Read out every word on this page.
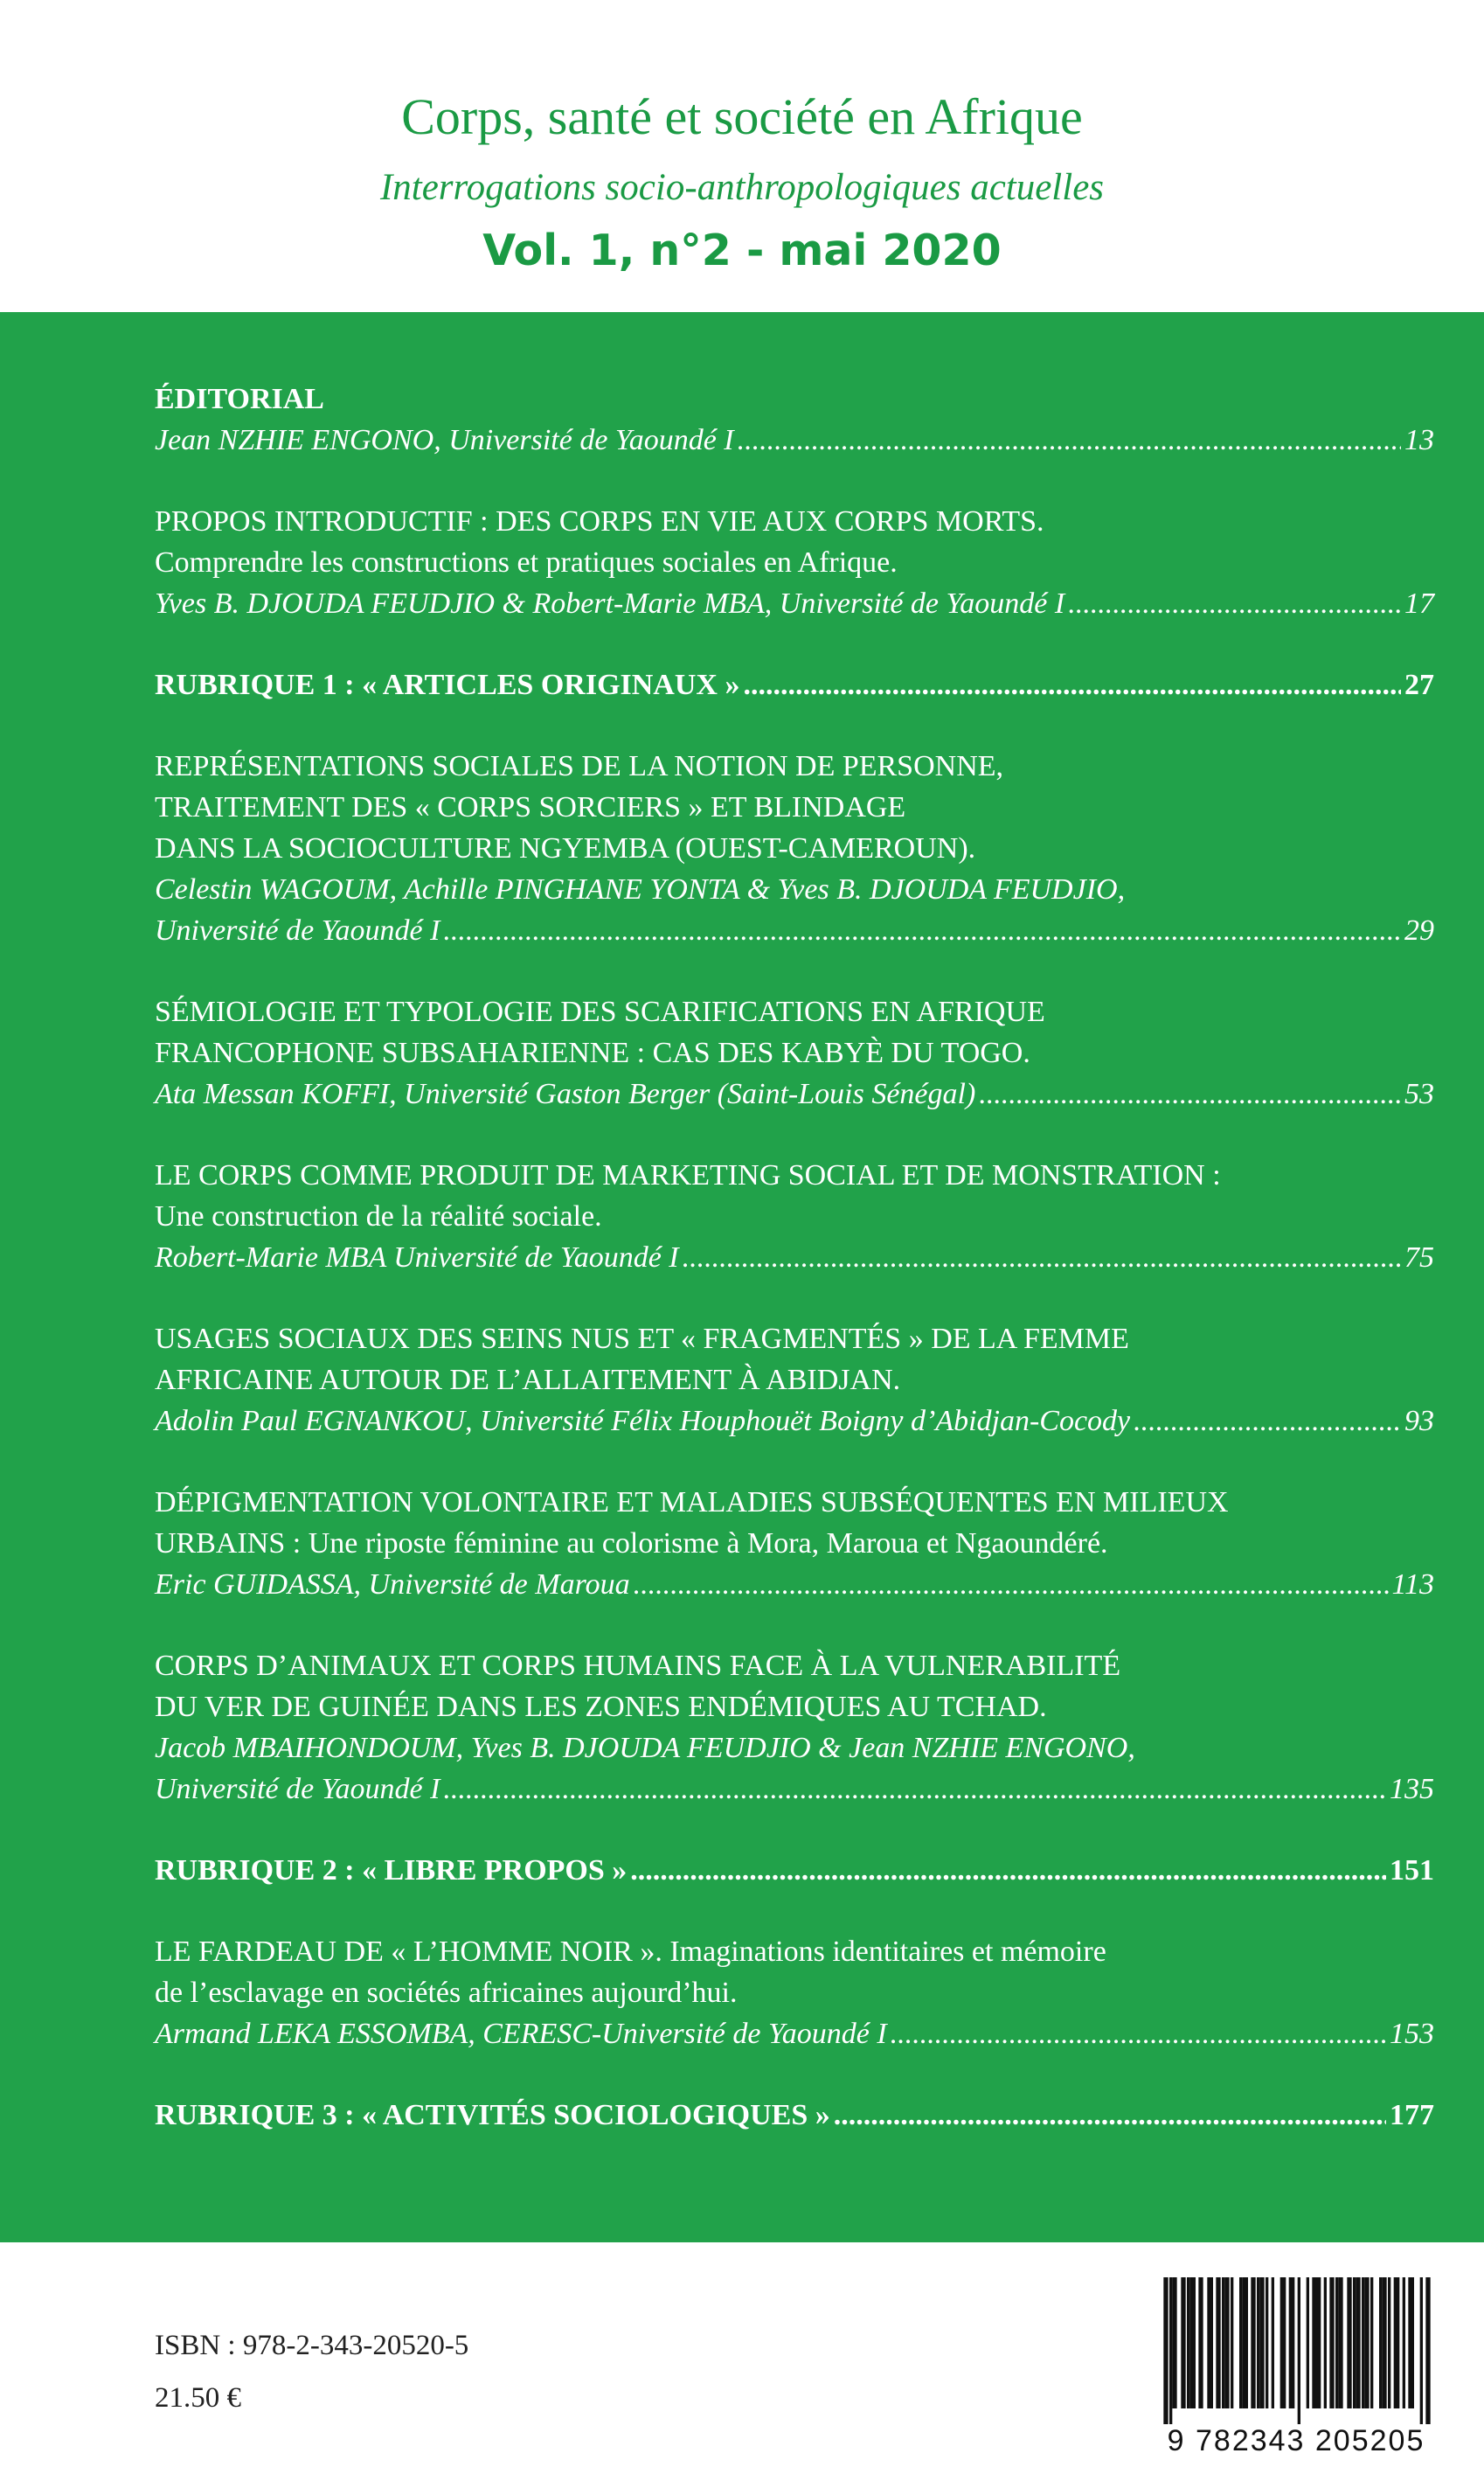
Corps, santé et société en Afrique
Interrogations socio-anthropologiques actuelles
Vol. 1, n°2 - mai 2020
ÉDITORIAL
Jean NZHIE ENGONO, Université de Yaoundé I .....	13
PROPOS INTRODUCTIF : DES CORPS EN VIE AUX CORPS MORTS.
Comprendre les constructions et pratiques sociales en Afrique.
Yves B. DJOUDA FEUDJIO & Robert-Marie MBA, Université de Yaoundé I .....	17
RUBRIQUE 1 : « ARTICLES ORIGINAUX » .....	27
REPRÉSENTATIONS SOCIALES DE LA NOTION DE PERSONNE,
TRAITEMENT DES « CORPS SORCIERS » ET BLINDAGE
DANS LA SOCIOCULTURE NGYEMBA (OUEST-CAMEROUN).
Celestin WAGOUM, Achille PINGHANE YONTA & Yves B. DJOUDA FEUDJIO,
Université de Yaoundé I .....	29
SÉMIOLOGIE ET TYPOLOGIE DES SCARIFICATIONS EN AFRIQUE
FRANCOPHONE SUBSAHARIENNE : CAS DES KABYÈ DU TOGO.
Ata Messan KOFFI, Université Gaston Berger (Saint-Louis Sénégal) .....	53
LE CORPS COMME PRODUIT DE MARKETING SOCIAL ET DE MONSTRATION :
Une construction de la réalité sociale.
Robert-Marie MBA Université de Yaoundé I .....	75
USAGES SOCIAUX DES SEINS NUS ET « FRAGMENTÉS » DE LA FEMME
AFRICAINE AUTOUR DE L’ALLAITEMENT À ABIDJAN.
Adolin Paul EGNANKOU, Université Félix Houphouët Boigny d’Abidjan-Cocody .....	93
DÉPIGMENTATION VOLONTAIRE ET MALADIES SUBSÉQUENTES EN MILIEUX
URBAINS : Une riposte féminine au colorisme à Mora, Maroua et Ngaoundéré.
Eric GUIDASSA, Université de Maroua .....	113
CORPS D’ANIMAUX ET CORPS HUMAINS FACE À LA VULNERABILITÉ
DU VER DE GUINÉE DANS LES ZONES ENDÉMIQUES AU TCHAD.
Jacob MBAIHONDOUM, Yves B. DJOUDA FEUDJIO & Jean NZHIE ENGONO,
Université de Yaoundé I .....	135
RUBRIQUE 2 : « LIBRE PROPOS » .....	151
LE FARDEAU DE « L’HOMME NOIR ». Imaginations identitaires et mémoire
de l’esclavage en sociétés africaines aujourd’hui.
Armand LEKA ESSOMBA, CERESC-Université de Yaoundé I .....	153
RUBRIQUE 3 : « ACTIVITÉS SOCIOLOGIQUES » .....	177
ISBN : 978-2-343-20520-5
21.50 €
9 782343 205205
